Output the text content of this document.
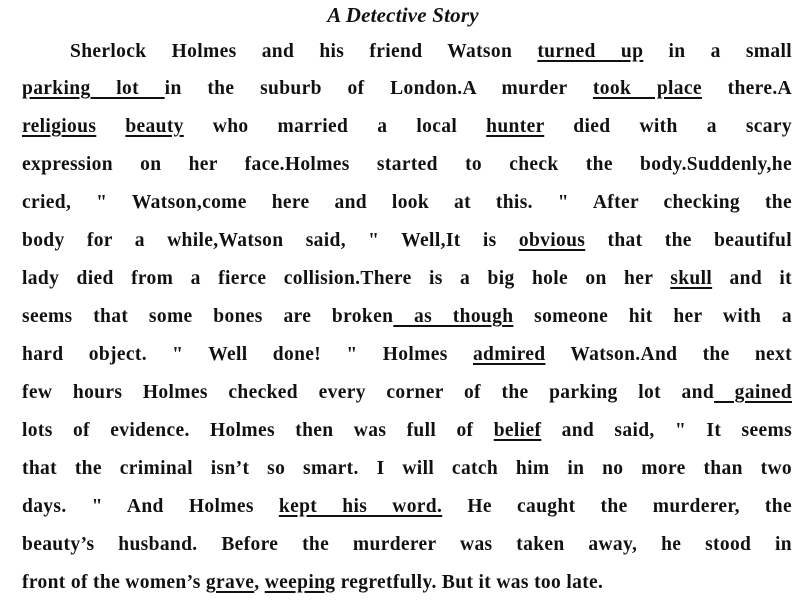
A Detective Story
Sherlock Holmes and his friend Watson turned up in a small
parking lot in the suburb of London.A murder took place there.A
religious beauty who married a local hunter died with a scary
expression on her face.Holmes started to check the body.Suddenly,he
cried, " Watson,come here and look at this. " After checking the
body for a while,Watson said, " Well,It is obvious that the beautiful
lady died from a fierce collision.There is a big hole on her skull and it
seems that some bones are broken as though someone hit her with a
hard object. " Well done! " Holmes admired Watson.And the next
few hours Holmes checked every corner of the parking lot and gained
lots of evidence. Holmes then was full of belief and said, " It seems
that the criminal isn’t so smart. I will catch him in no more than two
days. " And Holmes kept his word. He caught the murderer, the
beauty’s husband. Before the murderer was taken away, he stood in
front of the women’s grave, weeping regretfully. But it was too late.
